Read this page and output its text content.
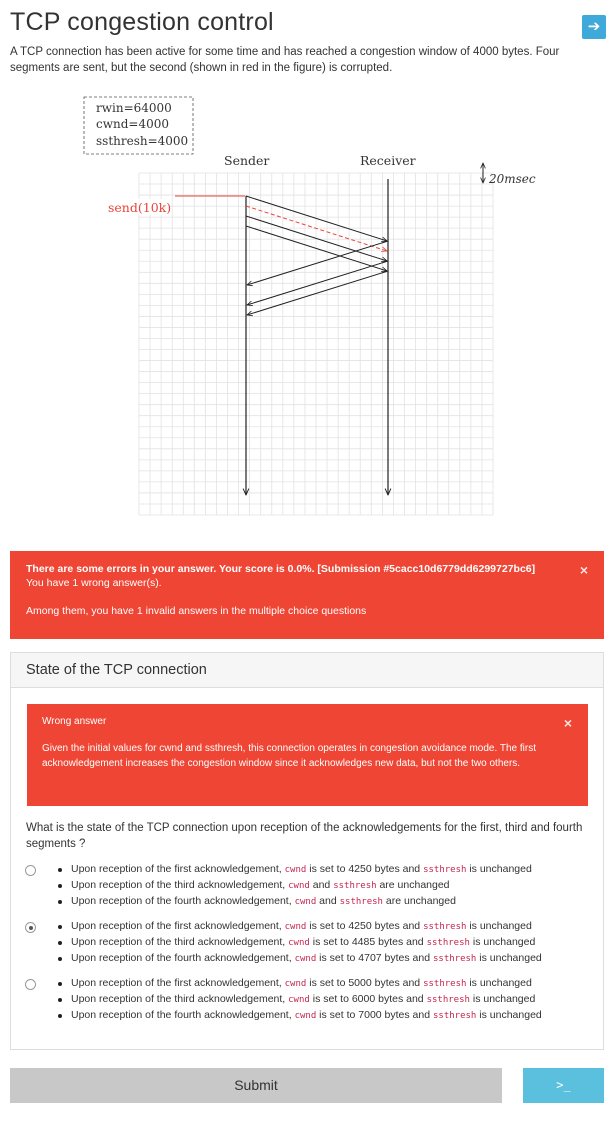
TCP congestion control	➔

A TCP connection has been active for some time and has reached a congestion window of 4000 bytes. Four segments are sent, but the second (shown in red in the figure) is corrupted.

rwin=64000
cwnd=4000
ssthresh=4000
Sender	Receiver
20msec
send(10k)
There are some errors in your answer. Your score is 0.0%. [Submission #5cacc10d6779dd6299727bc6]
You have 1 wrong answer(s).
Among them, you have 1 invalid answers in the multiple choice questions
×
State of the TCP connection

Wrong answer

Given the initial values for cwnd and ssthresh, this connection operates in congestion avoidance mode. The first acknowledgement increases the congestion window since it acknowledges new data, but not the two others.

×

What is the state of the TCP connection upon reception of the acknowledgements for the first, third and fourth segments ?

Upon reception of the first acknowledgement, cwnd is set to 4250 bytes and ssthresh is unchanged
Upon reception of the third acknowledgement, cwnd and ssthresh are unchanged
Upon reception of the fourth acknowledgement, cwnd and ssthresh are unchanged
Upon reception of the first acknowledgement, cwnd is set to 4250 bytes and ssthresh is unchanged
Upon reception of the third acknowledgement, cwnd is set to 4485 bytes and ssthresh is unchanged
Upon reception of the fourth acknowledgement, cwnd is set to 4707 bytes and ssthresh is unchanged
Upon reception of the first acknowledgement, cwnd is set to 5000 bytes and ssthresh is unchanged
Upon reception of the third acknowledgement, cwnd is set to 6000 bytes and ssthresh is unchanged
Upon reception of the fourth acknowledgement, cwnd is set to 7000 bytes and ssthresh is unchanged
Submit	>_
